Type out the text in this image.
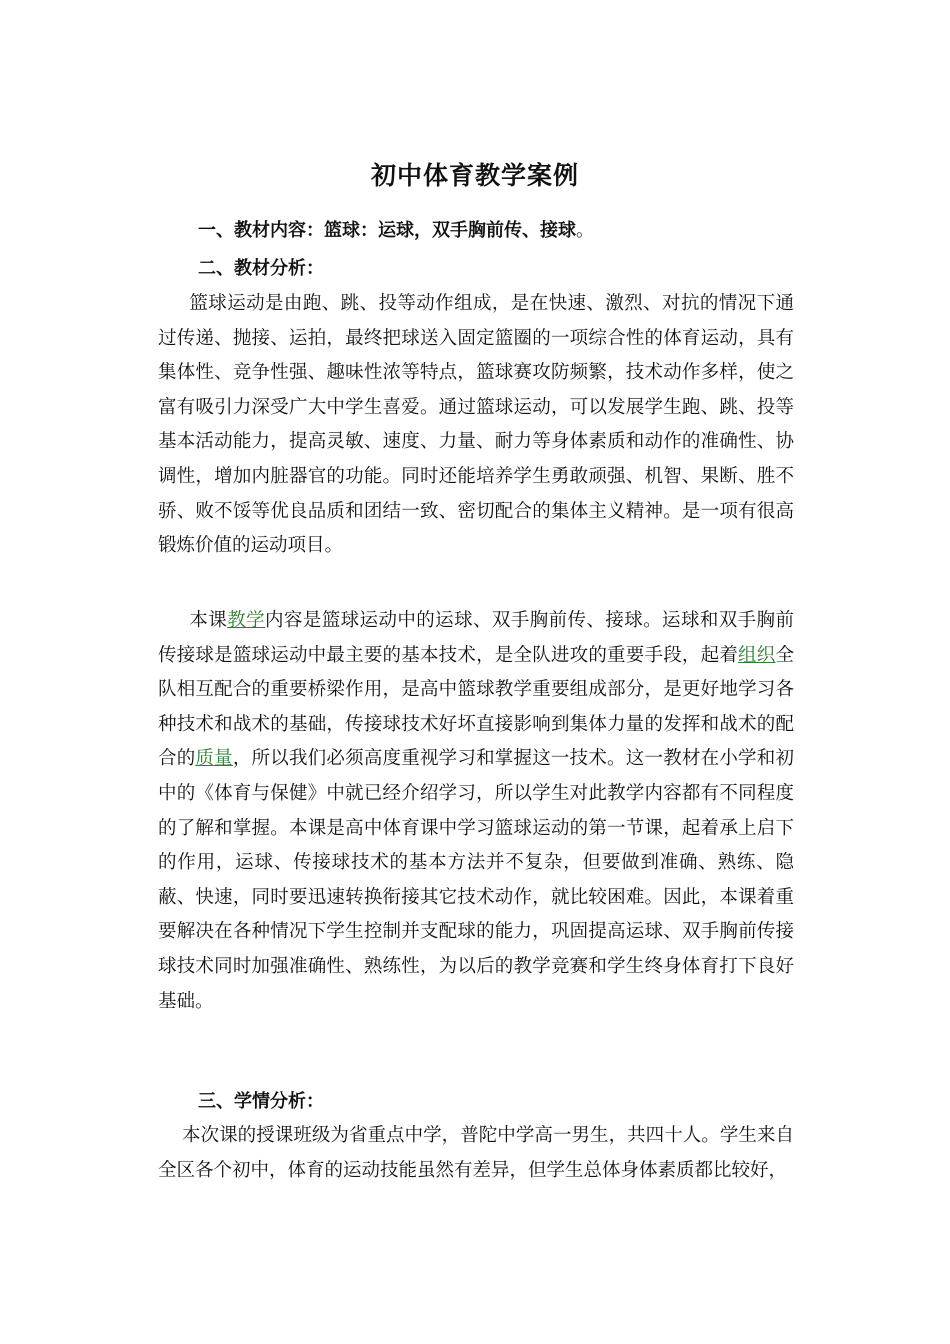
初中体育教学案例
一、教材内容：篮球：运球，双手胸前传、接球。
二、教材分析：

篮球运动是由跑、跳、投等动作组成，是在快速、激烈、对抗的情况下通过传递、抛接、运拍，最终把球送入固定篮圈的一项综合性的体育运动，具有集体性、竞争性强、趣味性浓等特点，篮球赛攻防频繁，技术动作多样，使之富有吸引力深受广大中学生喜爱。通过篮球运动，可以发展学生跑、跳、投等基本活动能力，提高灵敏、速度、力量、耐力等身体素质和动作的准确性、协调性，增加内脏器官的功能。同时还能培养学生勇敢顽强、机智、果断、胜不骄、败不馁等优良品质和团结一致、密切配合的集体主义精神。是一项有很高锻炼价值的运动项目。

本课教学内容是篮球运动中的运球、双手胸前传、接球。运球和双手胸前传接球是篮球运动中最主要的基本技术，是全队进攻的重要手段，起着组织全队相互配合的重要桥梁作用，是高中篮球教学重要组成部分，是更好地学习各种技术和战术的基础，传接球技术好坏直接影响到集体力量的发挥和战术的配合的质量，所以我们必须高度重视学习和掌握这一技术。这一教材在小学和初中的《体育与保健》中就已经介绍学习，所以学生对此教学内容都有不同程度的了解和掌握。本课是高中体育课中学习篮球运动的第一节课，起着承上启下的作用，运球、传接球技术的基本方法并不复杂，但要做到准确、熟练、隐蔽、快速，同时要迅速转换衔接其它技术动作，就比较困难。因此，本课着重要解决在各种情况下学生控制并支配球的能力，巩固提高运球、双手胸前传接球技术同时加强准确性、熟练性，为以后的教学竞赛和学生终身体育打下良好基础。

三、学情分析：

本次课的授课班级为省重点中学，普陀中学高一男生，共四十人。学生来自全区各个初中，体育的运动技能虽然有差异，但学生总体身体素质都比较好，
